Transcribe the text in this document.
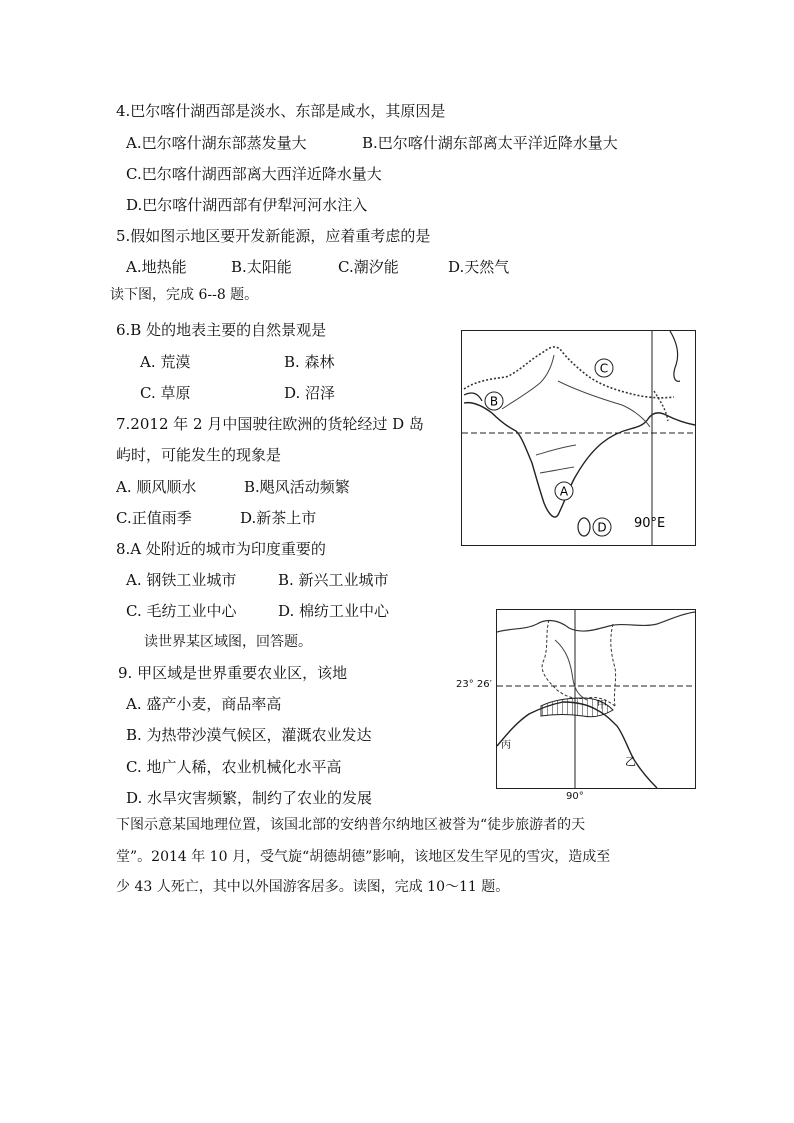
4.巴尔喀什湖西部是淡水、东部是咸水，其原因是
A.巴尔喀什湖东部蒸发量大	B.巴尔喀什湖东部离太平洋近降水量大
C.巴尔喀什湖西部离大西洋近降水量大
D.巴尔喀什湖西部有伊犁河河水注入
5.假如图示地区要开发新能源，应着重考虑的是
A.地热能	B.太阳能	C.潮汐能	D.天然气
读下图，完成 6--8 题。
6.B 处的地表主要的自然景观是
A. 荒漠	B. 森林
C. 草原	D. 沼泽
7.2012 年 2 月中国驶往欧洲的货轮经过 D 岛
屿时，可能发生的现象是
A. 顺风顺水	B.飓风活动频繁
C.正值雨季	D.新茶上市
8.A 处附近的城市为印度重要的
A. 钢铁工业城市	B. 新兴工业城市
C. 毛纺工业中心	D. 棉纺工业中心
读世界某区域图，回答题。
9. 甲区域是世界重要农业区，该地
A. 盛产小麦，商品率高
B. 为热带沙漠气候区，灌溉农业发达
C. 地广人稀，农业机械化水平高
D. 水旱灾害频繁，制约了农业的发展
下图示意某国地理位置，该国北部的安纳普尔纳地区被誉为“徒步旅游者的天
堂”。2014 年 10 月，受气旋“胡德胡德”影响，该地区发生罕见的雪灾，造成至
少 43 人死亡，其中以外国游客居多。读图，完成 10～11 题。
A
B
C
D 90°E
甲
乙
丙
23° 26′
90°
